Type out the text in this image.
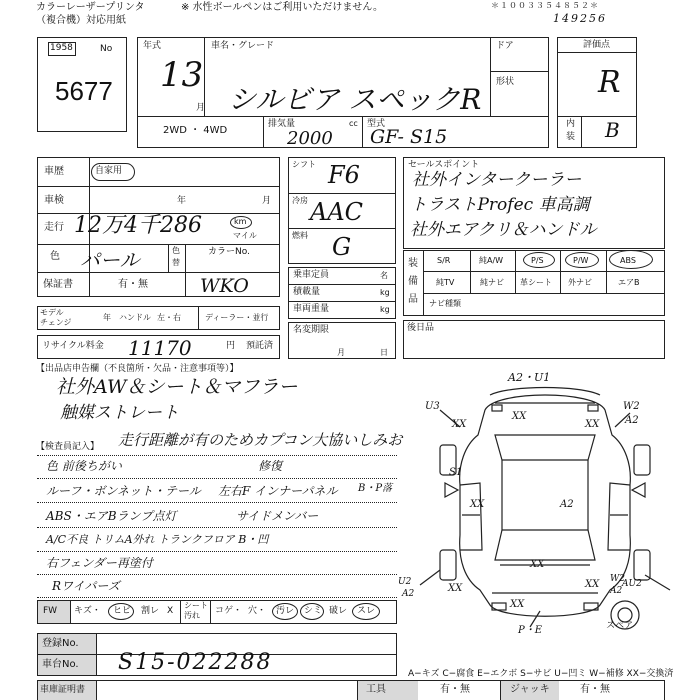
カラーレーザープリンタ
（複合機）対応用紙
※ 水性ボールペンはご利用いただけません。	＊１００３３５４８５２＊
149256
1958	No
5677
年式
13
月
車名・グレード
シルビア スペックR
ドア
形状
2WD ・ 4WD
排気量	cc
2000
型式
GF- S15
評価点
R
内
装 B
車歴	自家用
車検	年	月
走行 12万4千286	km
マイル
色 パール	色
替
カラーNo.
WKO
保証書	有・無
モデル
チェンジ
年 ハンドル 左・右	ディーラー・並行
リサイクル料金 11170	円 預託済
シフト F6
冷房 AAC
燃料 G
乗車定員	名
積載量	kg
車両重量	kg
名変期限
月	日
セールスポイント
社外インタークーラー
トラストProfec 車高調
社外エアクリ＆ハンドル
装
備
品
S/R	純A/W	P/S	P/W	ABS
純TV	純ナビ 革シート 外ナビ	エアB
ナビ種類
後日品
【出品店申告欄（不良箇所・欠品・注意事項等）】
社外AW＆シート＆マフラー
触媒ストレート
【検査員記入】 走行距離が有のためカプコン大協いしみお
色 前後ちがい	修復
ルーフ・ボンネット・テール 左右F インナーパネル B・P落
ABS・エアBランプ点灯	サイドメンバー
A/C不良 トリムA外れ トランクフロア B・凹
右フェンダー再塗付
Rワイパーズ
A2・U1
U3
XX
XX
XX
W2
A2
S1
U2
A2	XX
XX
XX
XX	A2
W2
A2
AU2
XX
P・E	スペア
FW キズ・ ヒビ 割レ X
シート
汚れ コゲ・ 穴・ 汚レ シミ 破レ スレ
登録No.
車台No. S15-022288	A−キズ C−腐食 E−エクボ S−サビ U−凹ミ W−補修 XX−交換済
車庫証明書	工具	有・無	ジャッキ	有・無
